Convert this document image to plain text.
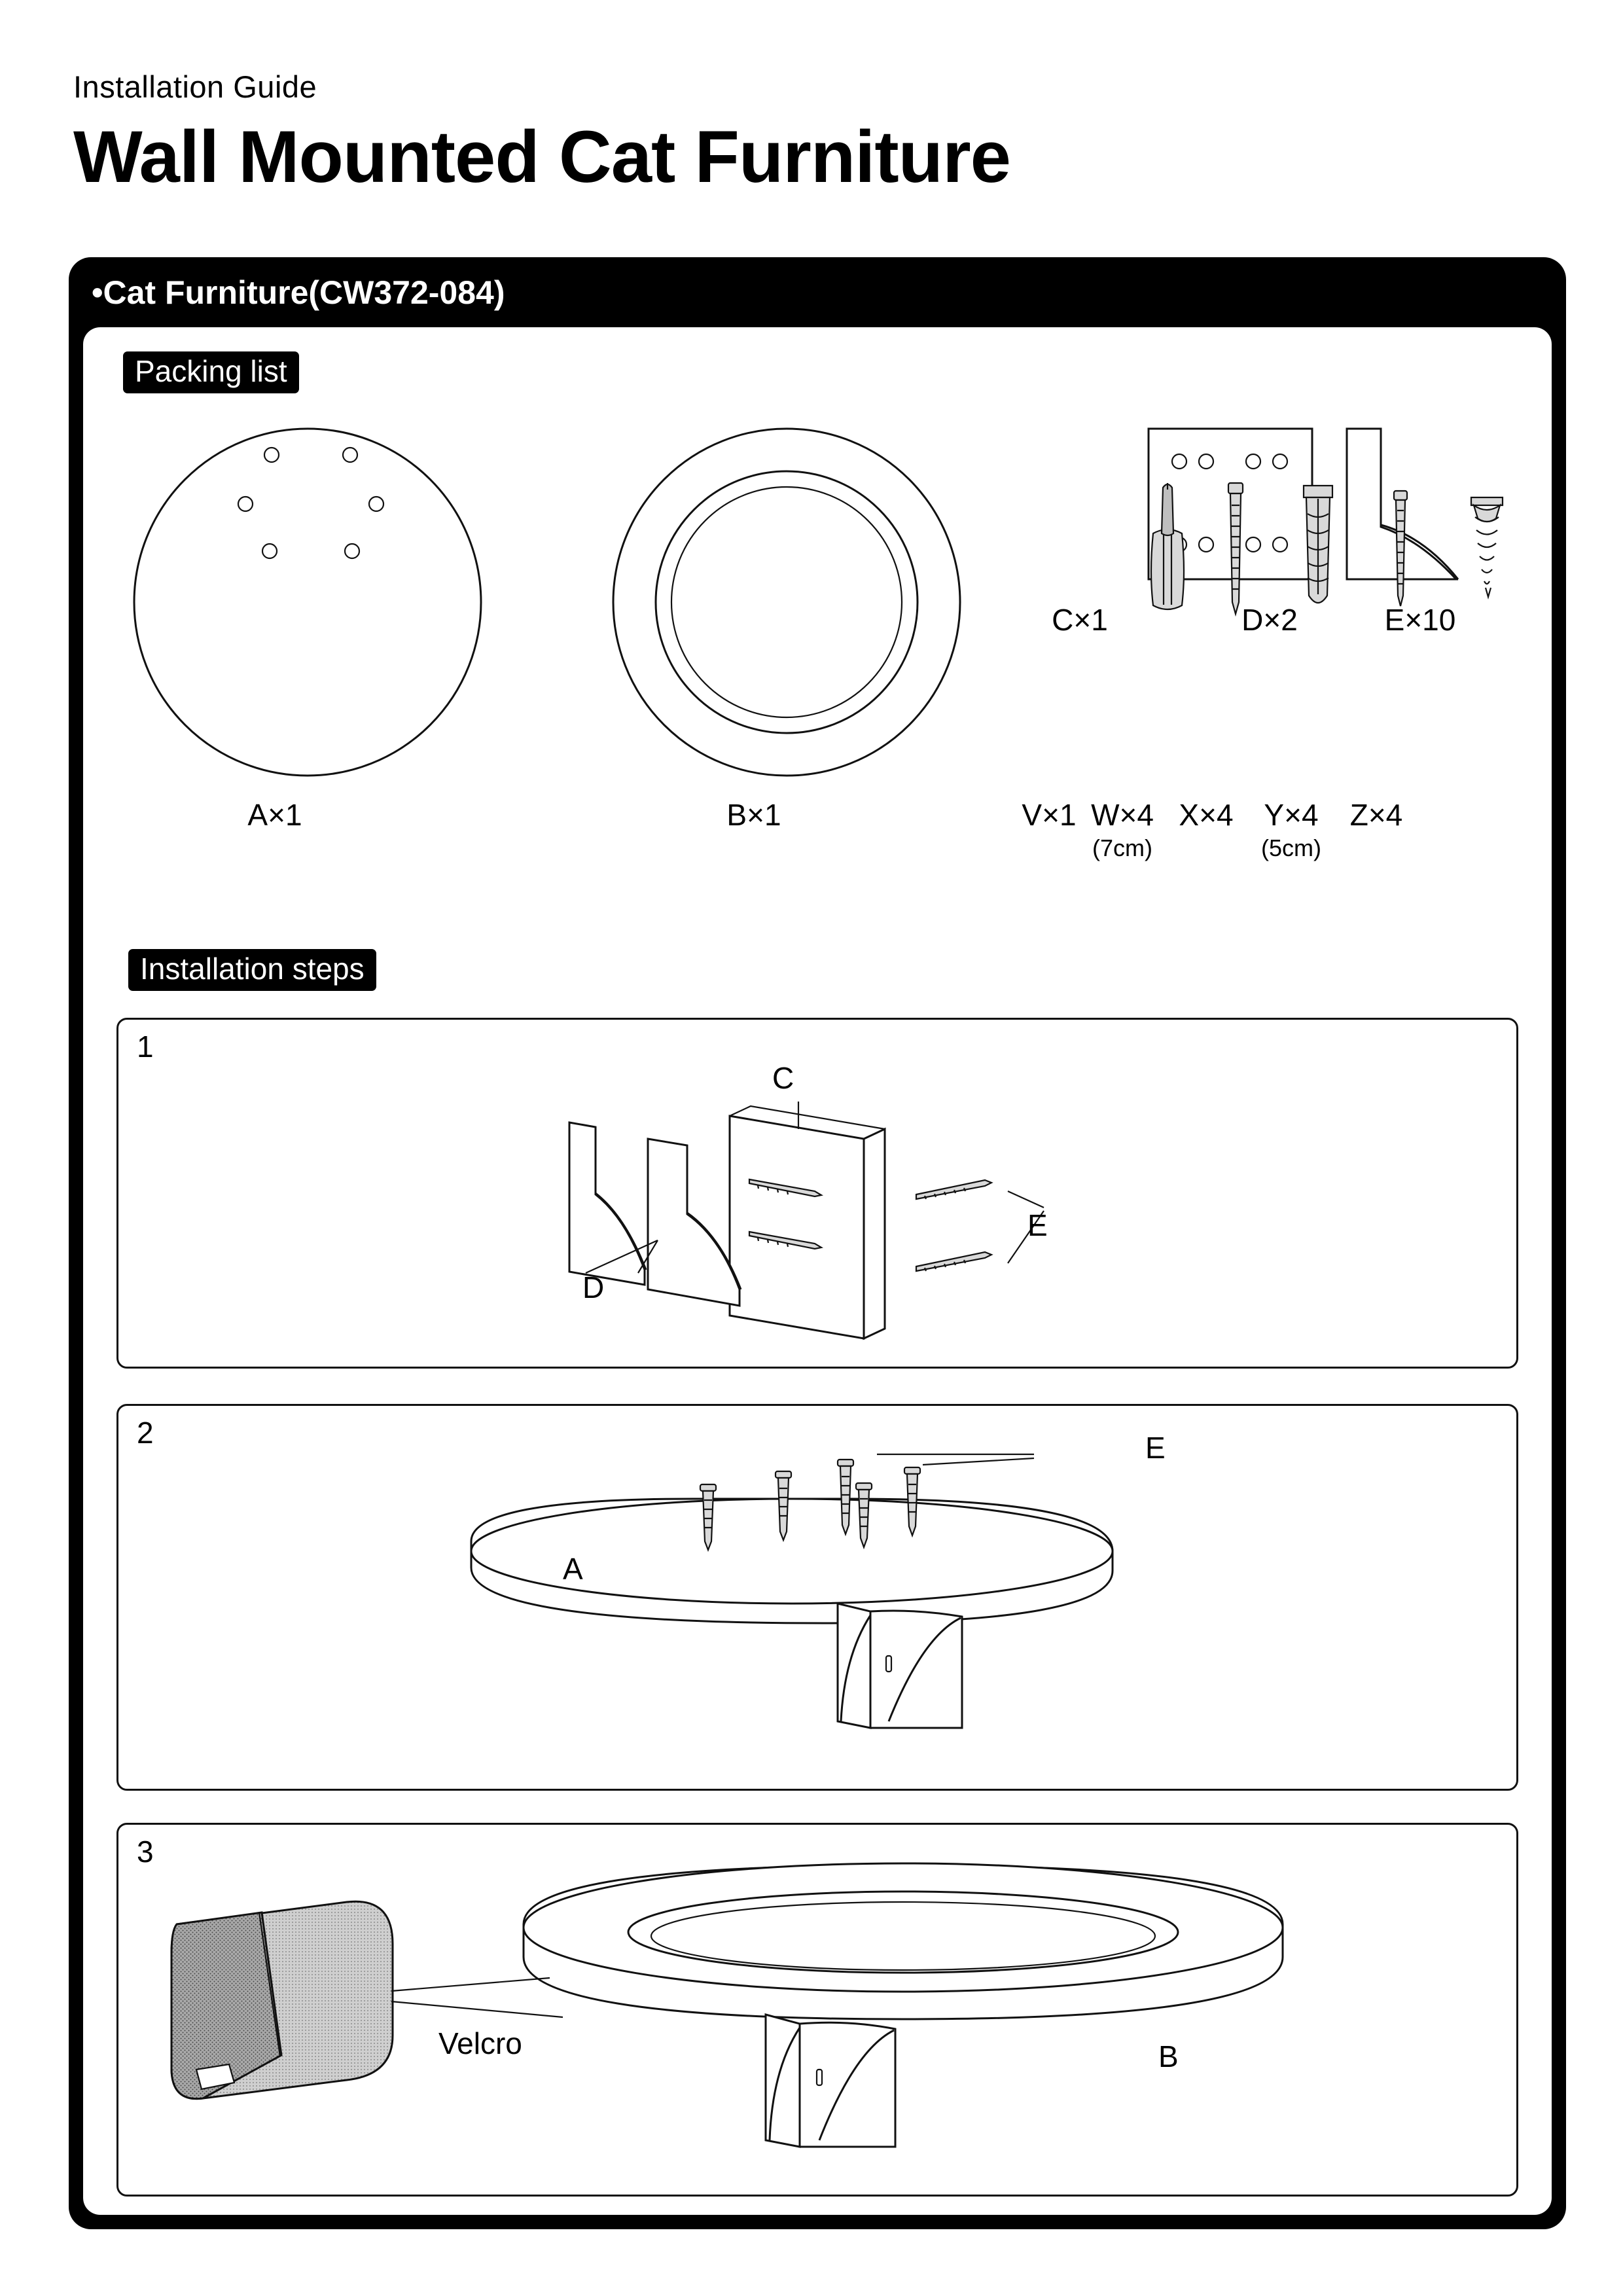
Installation Guide
Wall Mounted Cat Furniture
•Cat Furniture(CW372-084)
Packing list
Installation steps
A×1	B×1
C×1	D×2	E×10
V×1 W×4
(7cm)
X×4	Y×4
(5cm)
Z×4
1
C
D
E
2	E
A
3
Velcro	B
